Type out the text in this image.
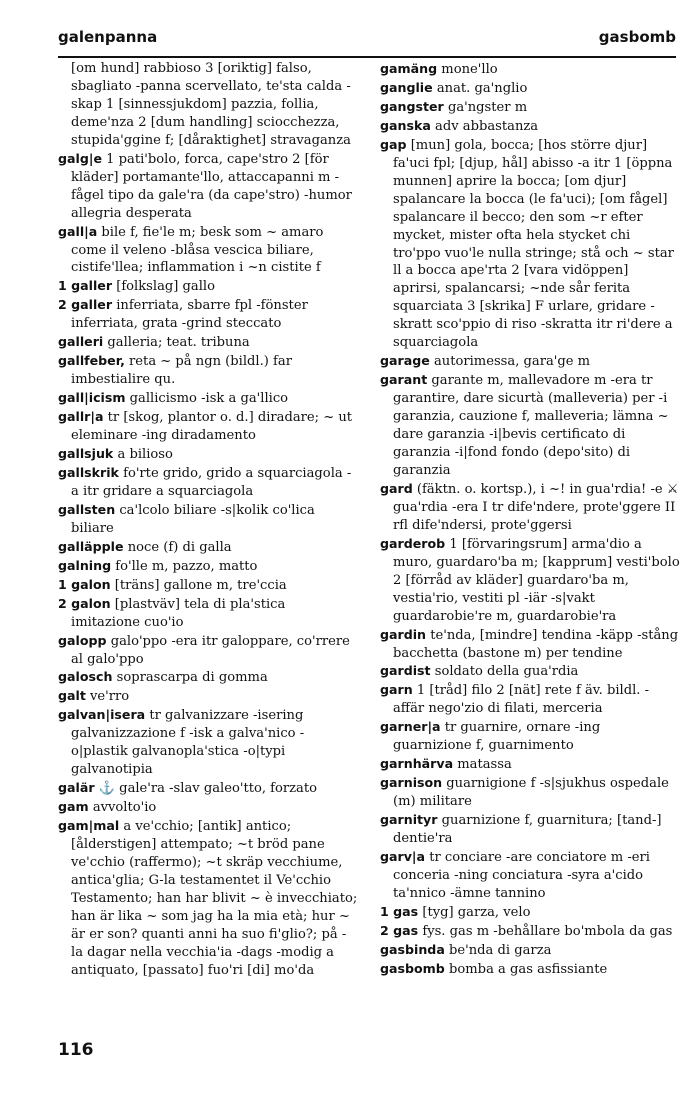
galenpanna	gasbomb

[om hund] rabbioso 3 [oriktig] falso, sbagliato -panna scervellato, te'sta calda -skap 1 [sinnessjukdom] pazzia, follia, deme'nza 2 [dum handling] sciocchezza, stupida'ggine f; [dåraktighet] stravaganza

galg|e 1 pati'bolo, forca, cape'stro 2 [för kläder] portamante'llo, attaccapanni m -fågel tipo da gale'ra (da cape'stro) -humor allegria desperata

gall|a bile f, fie'le m; besk som ~ amaro come il veleno -blåsa vescica biliare, cistife'llea; inflammation i ~n cistite f

1 galler [folkslag] gallo

2 galler inferriata, sbarre fpl -fönster inferriata, grata -grind steccato

galleri galleria; teat. tribuna

gallfeber, reta ~ på ngn (bildl.) far imbestialire qu.

gall|icism gallicismo -isk a ga'llico

gallr|a tr [skog, plantor o. d.] diradare; ~ ut eleminare -ing diradamento

gallsjuk a bilioso

gallskrik fo'rte grido, grido a squarciagola -a itr gridare a squarciagola

gallsten ca'lcolo biliare -s|kolik co'lica biliare

galläpple noce (f) di galla

galning fo'lle m, pazzo, matto

1 galon [träns] gallone m, tre'ccia

2 galon [plastväv] tela di pla'stica imitazione cuo'io

galopp galo'ppo -era itr galoppare, co'rrere al galo'ppo

galosch soprascarpa di gomma

galt ve'rro

galvan|isera tr galvanizzare -isering galvanizzazione f -isk a galva'nico -o|plastik galvanopla'stica -o|typi galvanotipia

galär ⚓ gale'ra -slav galeo'tto, forzato

gam avvolto'io

gam|mal a ve'cchio; [antik] antico; [ålderstigen] attempato; ~t bröd pane ve'cchio (raffermo); ~t skräp vecchiume, antica'glia; G-la testamentet il Ve'cchio Testamento; han har blivit ~ è invecchiato; han är lika ~ som jag ha la mia età; hur ~ är er son? quanti anni ha suo fi'glio?; på -la dagar nella vecchia'ia -dags -modig a antiquato, [passato] fuo'ri [di] mo'da

gamäng mone'llo

ganglie anat. ga'nglio

gangster ga'ngster m

ganska adv abbastanza

gap [mun] gola, bocca; [hos större djur] fa'uci fpl; [djup, hål] abisso -a itr 1 [öppna munnen] aprire la bocca; [om djur] spalancare la bocca (le fa'uci); [om fågel] spalancare il becco; den som ~r efter mycket, mister ofta hela stycket chi tro'ppo vuo'le nulla stringe; stå och ~ star ll a bocca ape'rta 2 [vara vidöppen] aprirsi, spalancarsi; ~nde sår ferita squarciata 3 [skrika] F urlare, gridare -skratt sco'ppio di riso -skratta itr ri'dere a squarciagola

garage autorimessa, gara'ge m

garant garante m, mallevadore m -era tr garantire, dare sicurtà (malleveria) per -i garanzia, cauzione f, malleveria; lämna ~ dare garanzia -i|bevis certificato di garanzia -i|fond fondo (depo'sito) di garanzia

gard (fäktn. o. kortsp.), i ~! in gua'rdia! -e ⚔ gua'rdia -era I tr dife'ndere, prote'ggere II rfl dife'ndersi, prote'ggersi

garderob 1 [förvaringsrum] arma'dio a muro, guardaro'ba m; [kapprum] vesti'bolo 2 [förråd av kläder] guardaro'ba m, vestia'rio, vestiti pl -iär -s|vakt guardarobie're m, guardarobie'ra

gardin te'nda, [mindre] tendina -käpp -stång bacchetta (bastone m) per tendine

gardist soldato della gua'rdia

garn 1 [tråd] filo 2 [nät] rete f äv. bildl. -affär nego'zio di filati, merceria

garner|a tr guarnire, ornare -ing guarnizione f, guarnimento

garnhärva matassa

garnison guarnigione f -s|sjukhus ospedale (m) militare

garnityr guarnizione f, guarnitura; [tand-] dentie'ra

garv|a tr conciare -are conciatore m -eri conceria -ning conciatura -syra a'cido ta'nnico -ämne tannino

1 gas [tyg] garza, velo

2 gas fys. gas m -behållare bo'mbola da gas

gasbinda be'nda di garza

gasbomb bomba a gas asfissiante

116
